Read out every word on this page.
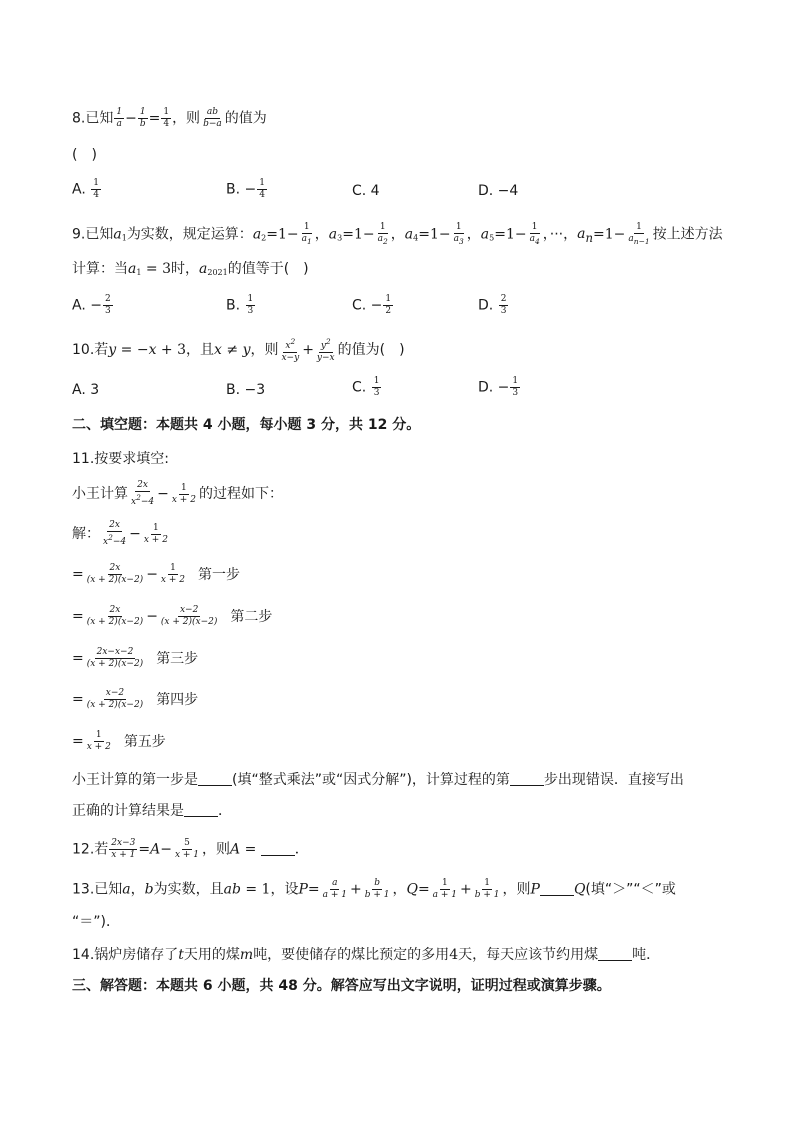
8.已知 $\frac{1}{a} - \frac{1}{b} = \frac{1}{4}$ ，则 $\frac{ab}{b-a}$ 的值为
(　)
A. $\frac{1}{4}$	B. − $\frac{1}{4}$	C. 4	D. −4
9.已知$a_1$为实数，规定运算：$a_2=1- \frac{1}{a_1}$ ，$a_3=1- \frac{1}{a_2}$ ，$a_4=1- \frac{1}{a_3}$ ，$a_5=1- \frac{1}{a_4}$ ，···，$a_n=1- \frac{1}{a_{n-1}}$ 按上述方法
计算：当$a_1 = 3$时，$a_{2021}$的值等于(　)
A. − $\frac{2}{3}$	B. $\frac{1}{3}$	C. − $\frac{1}{2}$	D. $\frac{2}{3}$
10.若y = −x + 3，且x ≠ y，则 $\frac{x^2}{x-y} + \frac{y^2}{y-x}$ 的值为(　)
A. 3	B. −3	C. $\frac{1}{3}$	D. − $\frac{1}{3}$
二、填空题：本题共 4 小题，每小题 3 分，共 12 分。
11.按要求填空:
小王计算 $\frac{2x}{x^2-4} - \frac{1}{x + 2}$ 的过程如下：
解： $\frac{2x}{x^2-4} - \frac{1}{x + 2}$
= $\frac{2x}{(x + 2)(x-2)} - \frac{1}{x + 2}$ 第一步
= $\frac{2x}{(x + 2)(x-2)} - \frac{x-2}{(x + 2)(x-2)}$ 第二步
= $\frac{2x-x-2}{(x + 2)(x-2)}$ 第三步
= $\frac{x-2}{(x + 2)(x-2)}$ 第四步
= $\frac{1}{x + 2}$ 第五步
小王计算的第一步是 (填“整式乘法”或“因式分解”)，计算过程的第 步出现错误．直接写出
正确的计算结果是 ．
12.若 $\frac{2x-3}{x + 1} =A- \frac{5}{x + 1}$ ，则A = ．
13.已知a，b为实数，且ab = 1，设$P= \frac{a}{a + 1} + \frac{b}{b + 1}$ ，$Q= \frac{1}{a + 1} + \frac{1}{b + 1}$ ，则P Q(填“＞”“＜”或
“＝”)．
14.锅炉房储存了t天用的煤m吨，要使储存的煤比预定的多用4天，每天应该节约用煤 吨．
三、解答题：本题共 6 小题，共 48 分。解答应写出文字说明，证明过程或演算步骤。
